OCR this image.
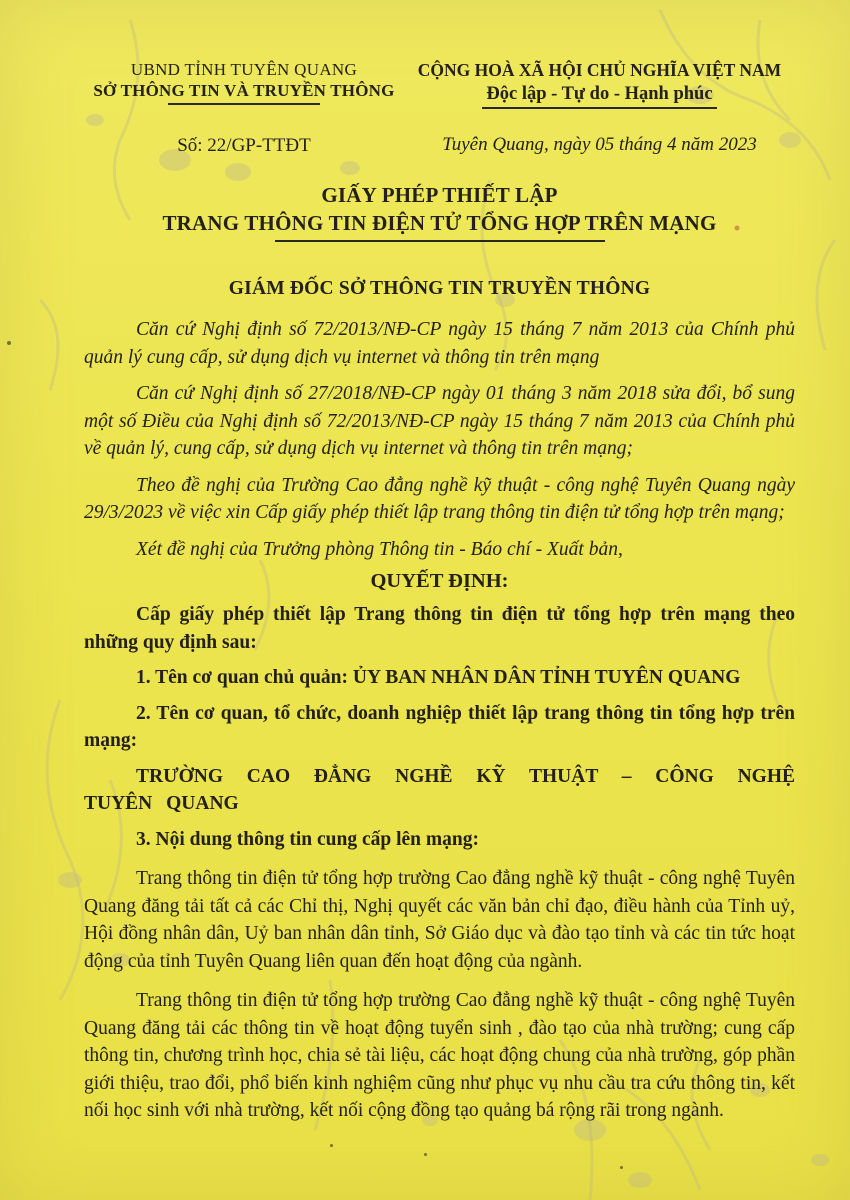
UBND TỈNH TUYÊN QUANG
SỞ THÔNG TIN VÀ TRUYỀN THÔNG
Số: 22/GP-TTĐT
CỘNG HOÀ XÃ HỘI CHỦ NGHĨA VIỆT NAM
Độc lập - Tự do - Hạnh phúc
Tuyên Quang, ngày 05 tháng 4 năm 2023
GIẤY PHÉP THIẾT LẬP
TRANG THÔNG TIN ĐIỆN TỬ TỔNG HỢP TRÊN MẠNG
GIÁM ĐỐC SỞ THÔNG TIN TRUYỀN THÔNG

Căn cứ Nghị định số 72/2013/NĐ-CP ngày 15 tháng 7 năm 2013 của Chính phủ quản lý cung cấp, sử dụng dịch vụ internet và thông tin trên mạng

Căn cứ Nghị định số 27/2018/NĐ-CP ngày 01 tháng 3 năm 2018 sửa đổi, bổ sung một số Điều của Nghị định số 72/2013/NĐ-CP ngày 15 tháng 7 năm 2013 của Chính phủ về quản lý, cung cấp, sử dụng dịch vụ internet và thông tin trên mạng;

Theo đề nghị của Trường Cao đẳng nghề kỹ thuật - công nghệ Tuyên Quang ngày 29/3/2023 về việc xin Cấp giấy phép thiết lập trang thông tin điện tử tổng hợp trên mạng;

Xét đề nghị của Trưởng phòng Thông tin - Báo chí - Xuất bản,

QUYẾT ĐỊNH:

Cấp giấy phép thiết lập Trang thông tin điện tử tổng hợp trên mạng theo những quy định sau:

1. Tên cơ quan chủ quản: ỦY BAN NHÂN DÂN TỈNH TUYÊN QUANG

2. Tên cơ quan, tổ chức, doanh nghiệp thiết lập trang thông tin tổng hợp trên mạng:

TRƯỜNG CAO ĐẲNG NGHỀ KỸ THUẬT – CÔNG NGHỆ TUYÊN QUANG

3. Nội dung thông tin cung cấp lên mạng:

Trang thông tin điện tử tổng hợp trường Cao đẳng nghề kỹ thuật - công nghệ Tuyên Quang đăng tải tất cả các Chỉ thị, Nghị quyết các văn bản chỉ đạo, điều hành của Tỉnh uỷ, Hội đồng nhân dân, Uỷ ban nhân dân tỉnh, Sở Giáo dục và đào tạo tỉnh và các tin tức hoạt động của tỉnh Tuyên Quang liên quan đến hoạt động của ngành.

Trang thông tin điện tử tổng hợp trường Cao đẳng nghề kỹ thuật - công nghệ Tuyên Quang đăng tải các thông tin về hoạt động tuyển sinh , đào tạo của nhà trường; cung cấp thông tin, chương trình học, chia sẻ tài liệu, các hoạt động chung của nhà trường, góp phần giới thiệu, trao đổi, phổ biến kinh nghiệm cũng như phục vụ nhu cầu tra cứu thông tin, kết nối học sinh với nhà trường, kết nối cộng đồng tạo quảng bá rộng rãi trong ngành.
